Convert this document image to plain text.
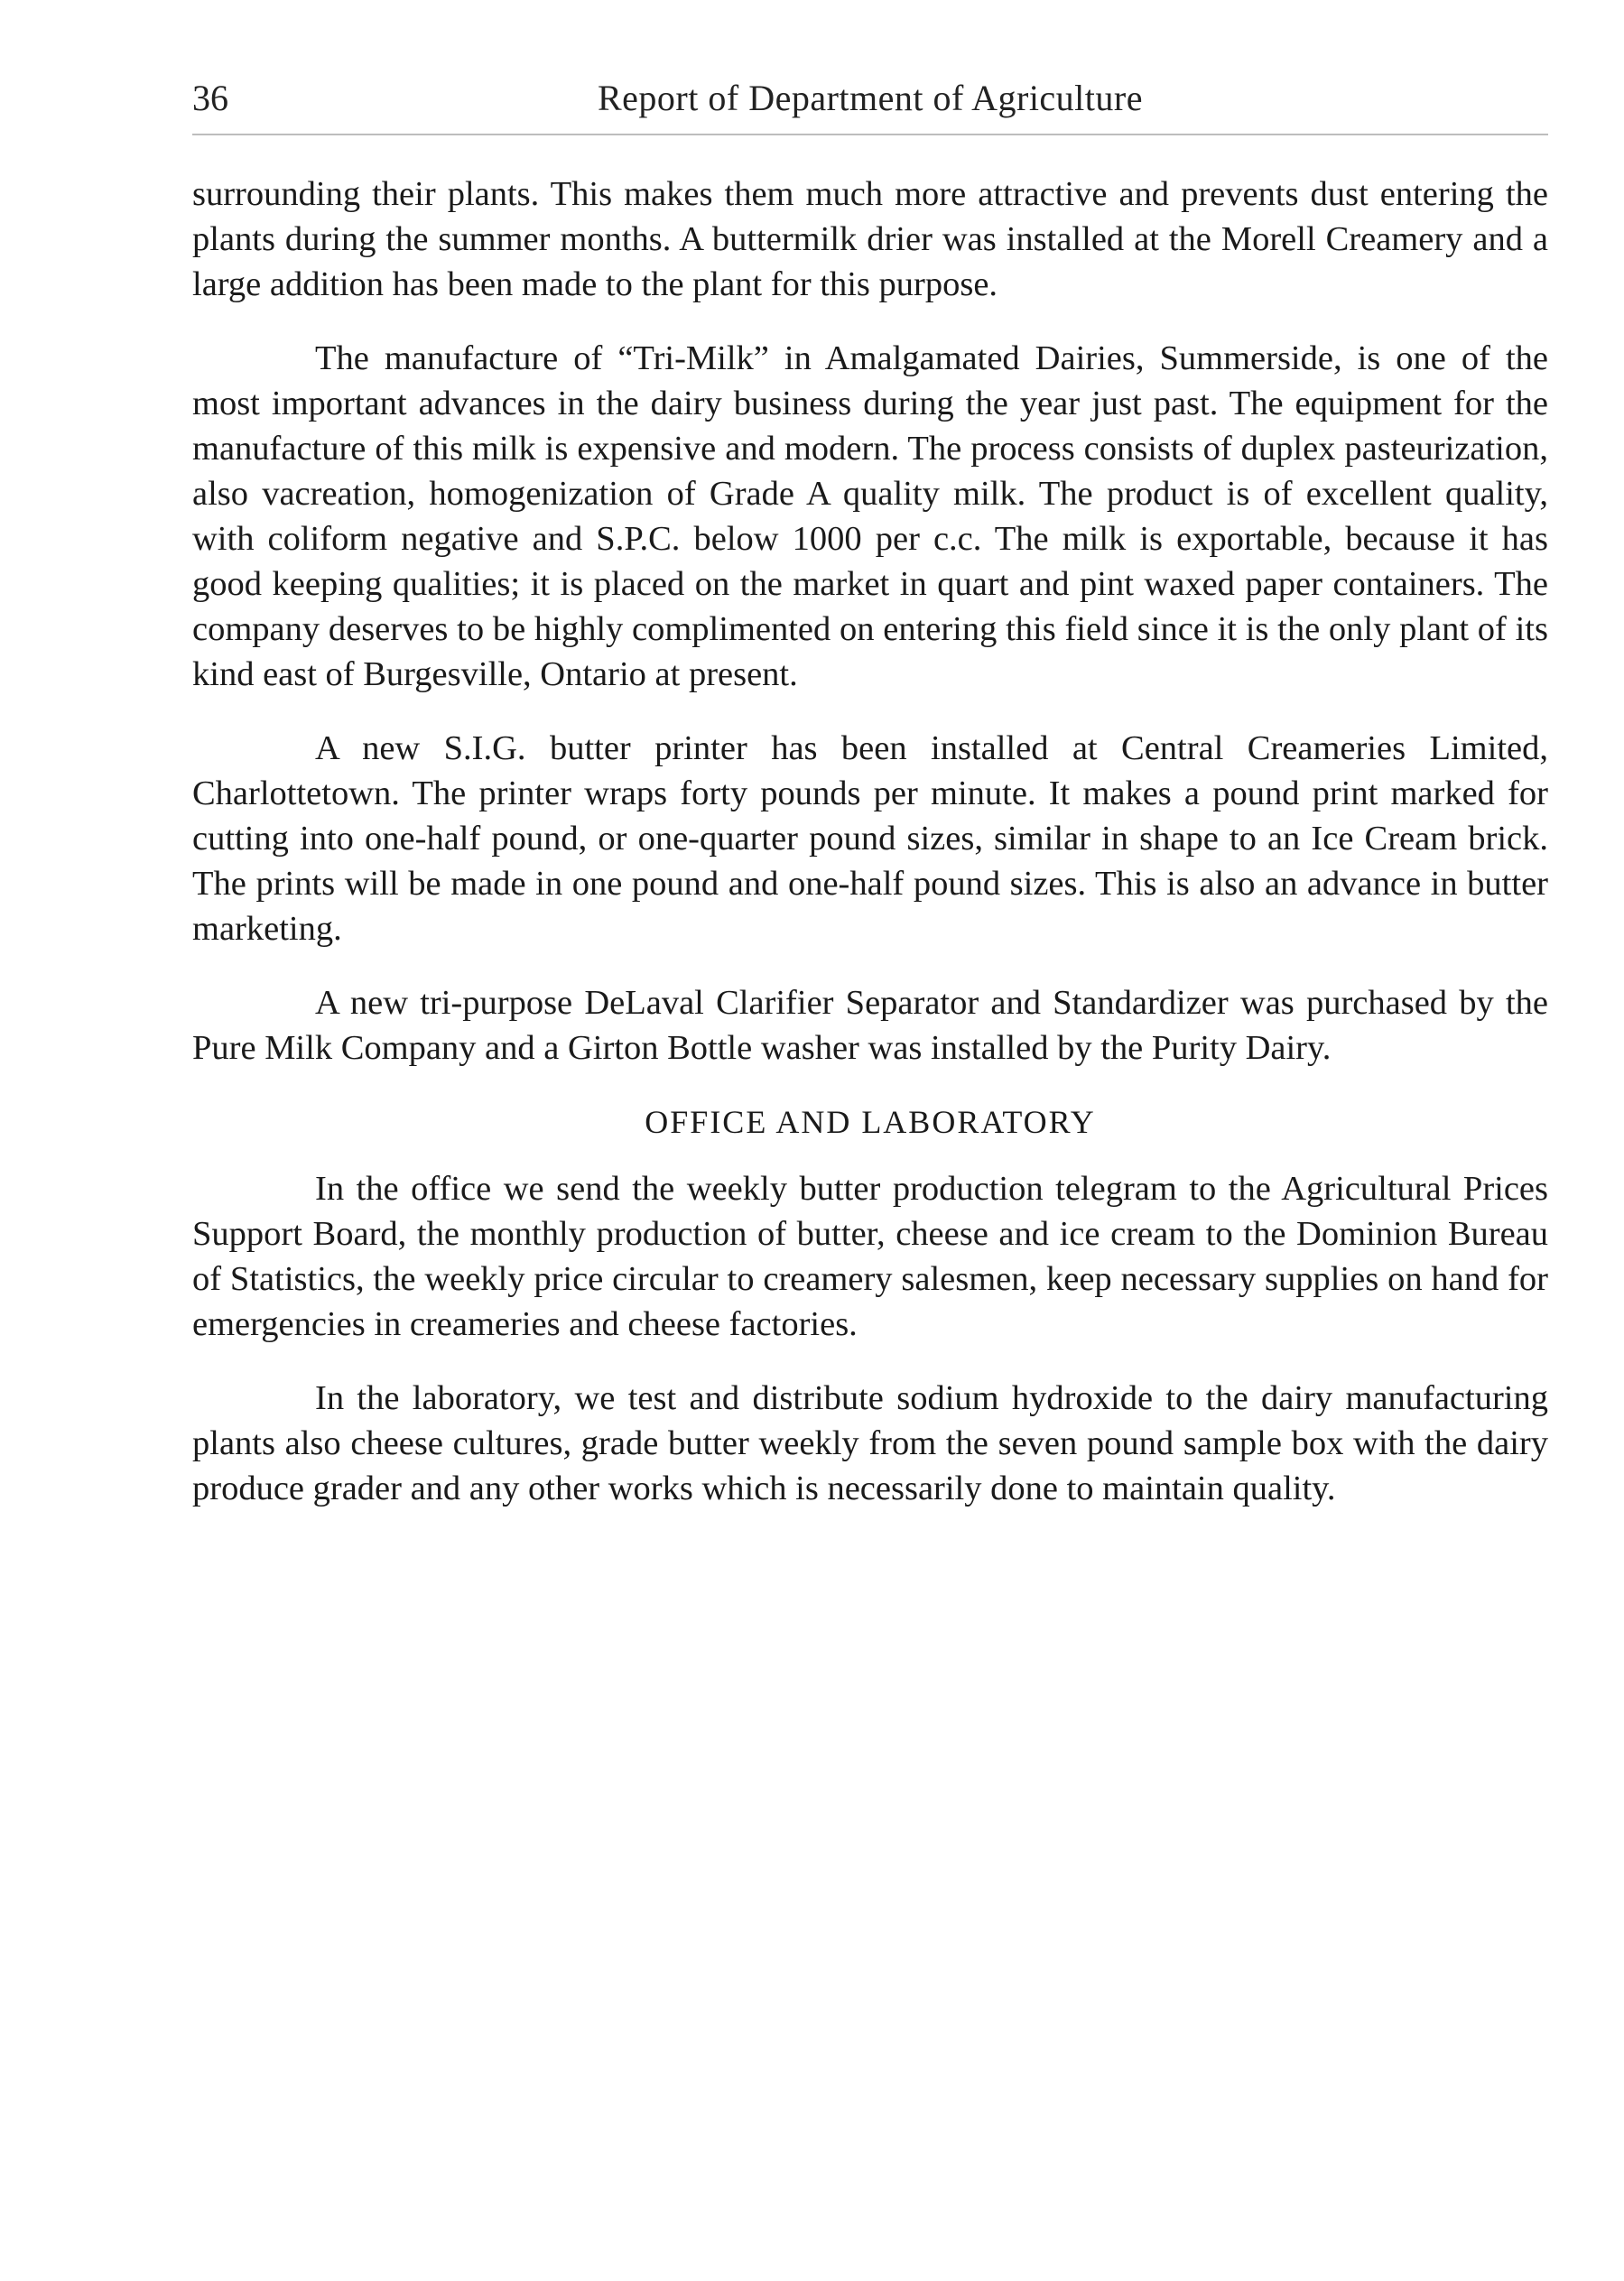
36	Report of Department of Agriculture

surrounding their plants. This makes them much more attractive and prevents dust entering the plants during the summer months. A buttermilk drier was installed at the Morell Creamery and a large addition has been made to the plant for this purpose.

The manufacture of “Tri-Milk” in Amalgamated Dairies, Summerside, is one of the most important advances in the dairy business during the year just past. The equipment for the manufacture of this milk is expensive and modern. The process consists of duplex pasteurization, also vacreation, homogenization of Grade A quality milk. The product is of excellent quality, with coliform negative and S.P.C. below 1000 per c.c. The milk is exportable, because it has good keeping qualities; it is placed on the market in quart and pint waxed paper containers. The company deserves to be highly complimented on entering this field since it is the only plant of its kind east of Burgesville, Ontario at present.

A new S.I.G. butter printer has been installed at Central Creameries Limited, Charlottetown. The printer wraps forty pounds per minute. It makes a pound print marked for cutting into one-half pound, or one-quarter pound sizes, similar in shape to an Ice Cream brick. The prints will be made in one pound and one-half pound sizes. This is also an advance in butter marketing.

A new tri-purpose DeLaval Clarifier Separator and Standardizer was purchased by the Pure Milk Company and a Girton Bottle washer was installed by the Purity Dairy.

OFFICE AND LABORATORY

In the office we send the weekly butter production telegram to the Agricultural Prices Support Board, the monthly production of butter, cheese and ice cream to the Dominion Bureau of Statistics, the weekly price circular to creamery salesmen, keep necessary supplies on hand for emergencies in creameries and cheese factories.

In the laboratory, we test and distribute sodium hydroxide to the dairy manufacturing plants also cheese cultures, grade butter weekly from the seven pound sample box with the dairy produce grader and any other works which is necessarily done to maintain quality.
